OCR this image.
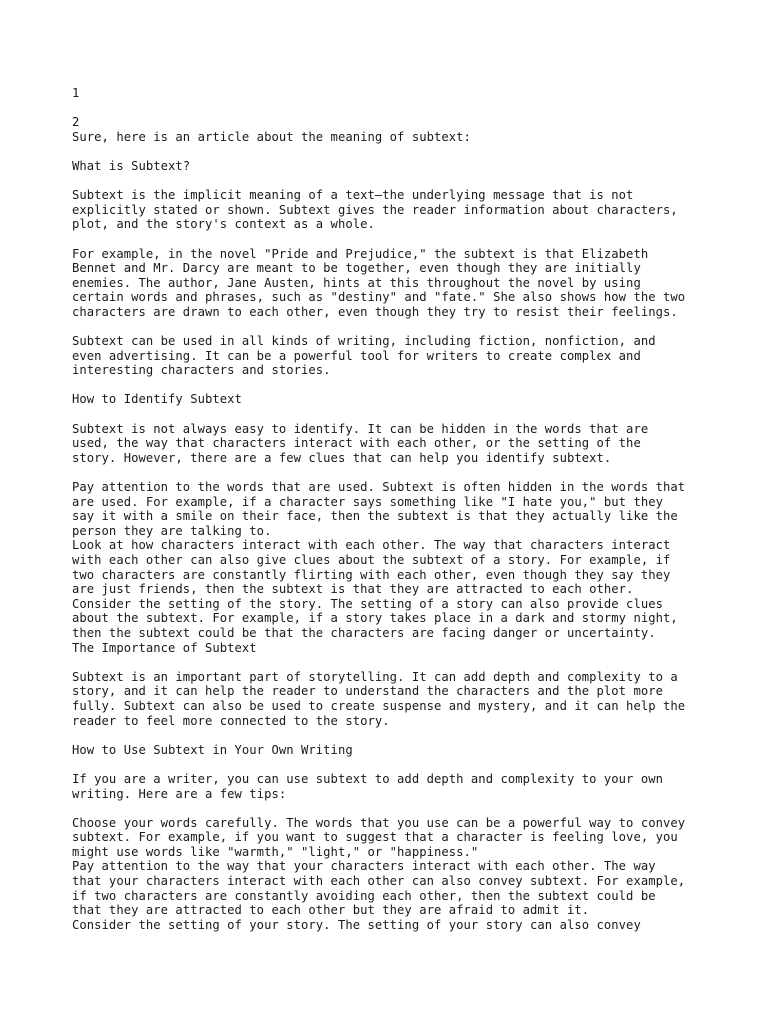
1
2
Sure, here is an article about the meaning of subtext:
What is Subtext?
Subtext is the implicit meaning of a text—the underlying message that is not
explicitly stated or shown. Subtext gives the reader information about characters,
plot, and the story's context as a whole.
For example, in the novel "Pride and Prejudice," the subtext is that Elizabeth
Bennet and Mr. Darcy are meant to be together, even though they are initially
enemies. The author, Jane Austen, hints at this throughout the novel by using
certain words and phrases, such as "destiny" and "fate." She also shows how the two
characters are drawn to each other, even though they try to resist their feelings.
Subtext can be used in all kinds of writing, including fiction, nonfiction, and
even advertising. It can be a powerful tool for writers to create complex and
interesting characters and stories.
How to Identify Subtext
Subtext is not always easy to identify. It can be hidden in the words that are
used, the way that characters interact with each other, or the setting of the
story. However, there are a few clues that can help you identify subtext.
Pay attention to the words that are used. Subtext is often hidden in the words that
are used. For example, if a character says something like "I hate you," but they
say it with a smile on their face, then the subtext is that they actually like the
person they are talking to.
Look at how characters interact with each other. The way that characters interact
with each other can also give clues about the subtext of a story. For example, if
two characters are constantly flirting with each other, even though they say they
are just friends, then the subtext is that they are attracted to each other.
Consider the setting of the story. The setting of a story can also provide clues
about the subtext. For example, if a story takes place in a dark and stormy night,
then the subtext could be that the characters are facing danger or uncertainty.
The Importance of Subtext
Subtext is an important part of storytelling. It can add depth and complexity to a
story, and it can help the reader to understand the characters and the plot more
fully. Subtext can also be used to create suspense and mystery, and it can help the
reader to feel more connected to the story.
How to Use Subtext in Your Own Writing
If you are a writer, you can use subtext to add depth and complexity to your own
writing. Here are a few tips:
Choose your words carefully. The words that you use can be a powerful way to convey
subtext. For example, if you want to suggest that a character is feeling love, you
might use words like "warmth," "light," or "happiness."
Pay attention to the way that your characters interact with each other. The way
that your characters interact with each other can also convey subtext. For example,
if two characters are constantly avoiding each other, then the subtext could be
that they are attracted to each other but they are afraid to admit it.
Consider the setting of your story. The setting of your story can also convey
